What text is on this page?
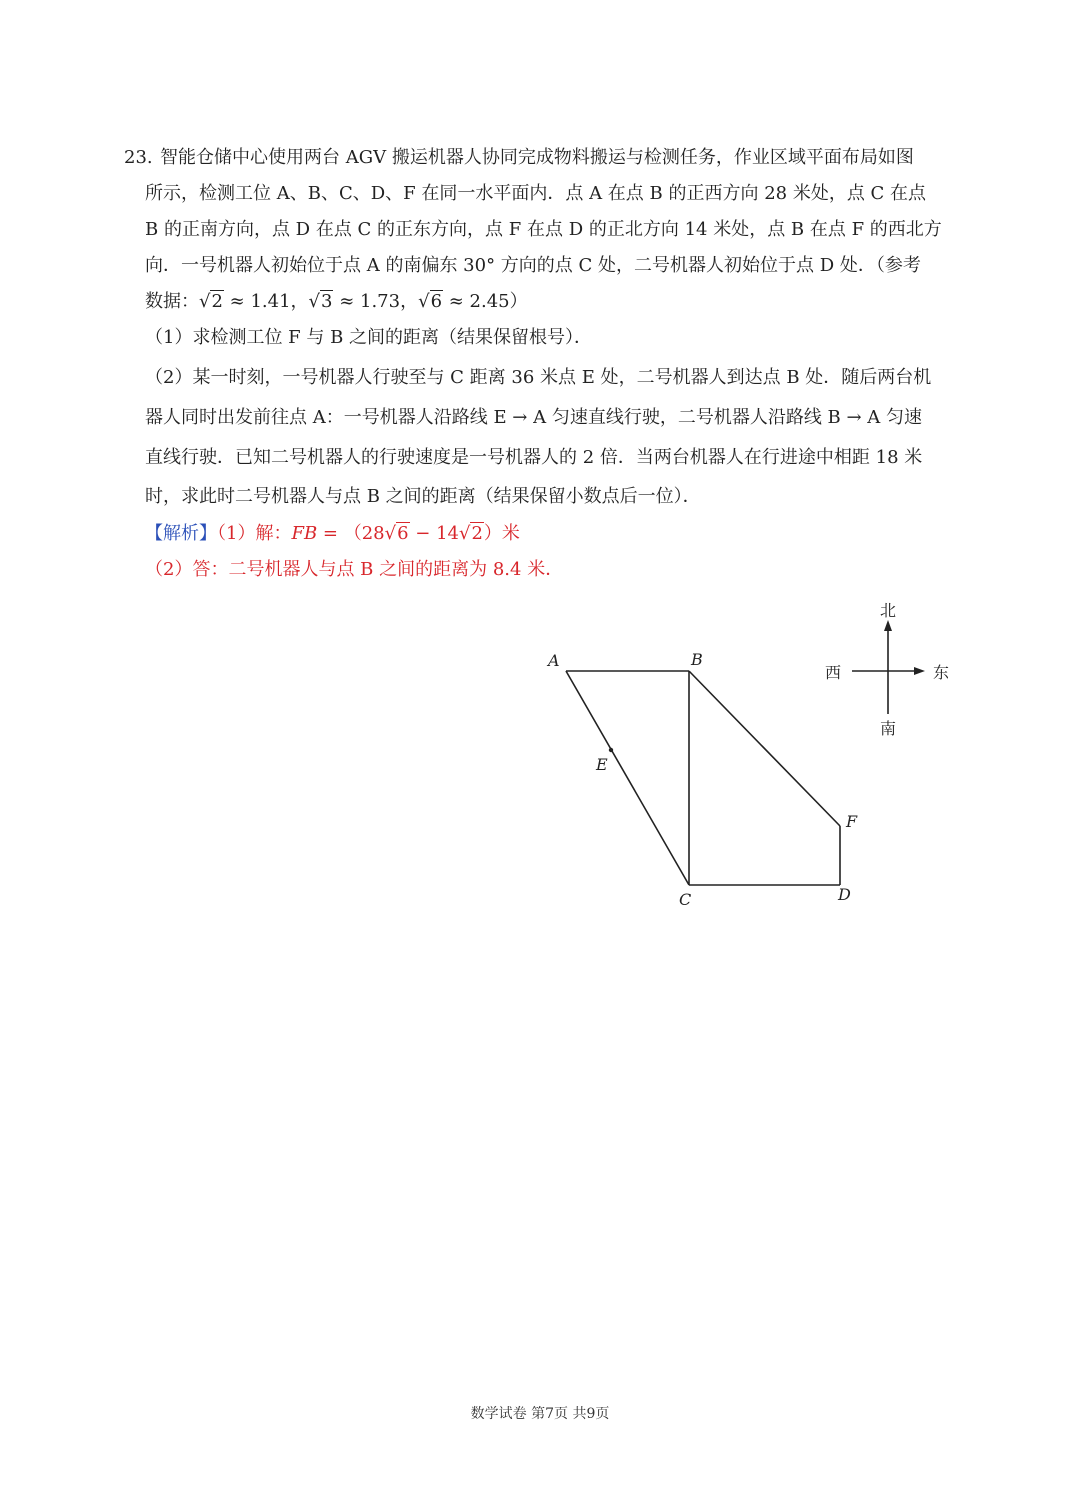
23. 智能仓储中心使用两台 AGV 搬运机器人协同完成物料搬运与检测任务，作业区域平面布局如图
所示，检测工位 A、B、C、D、F 在同一水平面内．点 A 在点 B 的正西方向 28 米处，点 C 在点
B 的正南方向，点 D 在点 C 的正东方向，点 F 在点 D 的正北方向 14 米处，点 B 在点 F 的西北方
向．一号机器人初始位于点 A 的南偏东 30° 方向的点 C 处，二号机器人初始位于点 D 处．（参考
数据：√2 ≈ 1.41，√3 ≈ 1.73，√6 ≈ 2.45）
（1）求检测工位 F 与 B 之间的距离（结果保留根号）．
（2）某一时刻，一号机器人行驶至与 C 距离 36 米点 E 处，二号机器人到达点 B 处．随后两台机
器人同时出发前往点 A：一号机器人沿路线 E → A 匀速直线行驶，二号机器人沿路线 B → A 匀速
直线行驶．已知二号机器人的行驶速度是一号机器人的 2 倍．当两台机器人在行进途中相距 18 米
时，求此时二号机器人与点 B 之间的距离（结果保留小数点后一位）．
【解析】（1）解：FB = （28√6 − 14√2）米
（2）答：二号机器人与点 B 之间的距离为 8.4 米．
A	B
E
F
C	D
北
西	东
南
数学试卷 第7页 共9页
